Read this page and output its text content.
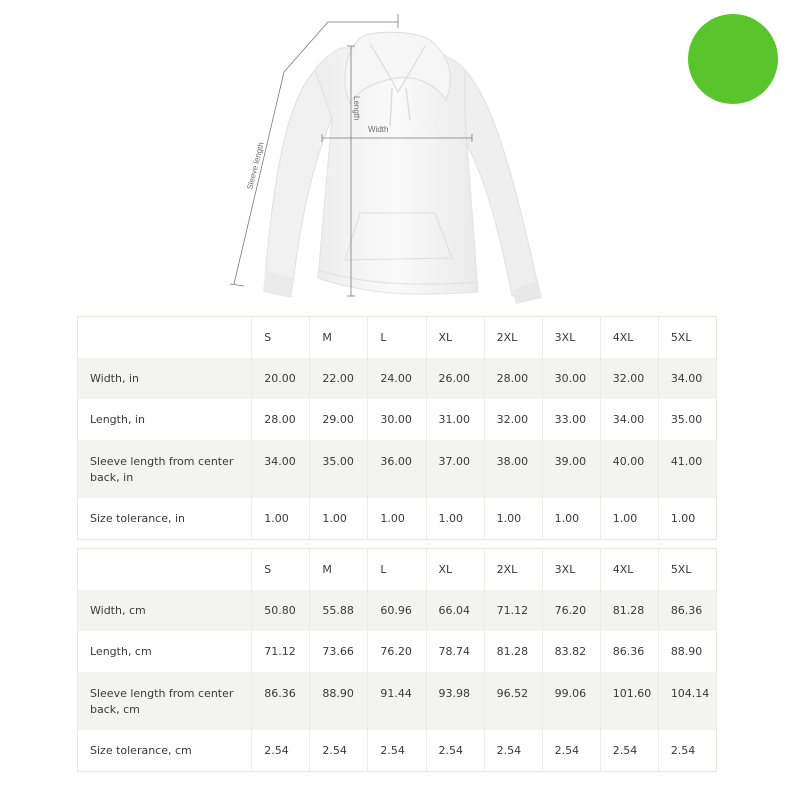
Width
Length
Sleeve length
	S	M	L	XL	2XL	3XL	4XL	5XL
Width, in	20.00	22.00	24.00	26.00	28.00	30.00	32.00	34.00
Length, in	28.00	29.00	30.00	31.00	32.00	33.00	34.00	35.00
Sleeve length from center back, in	34.00	35.00	36.00	37.00	38.00	39.00	40.00	41.00
Size tolerance, in	1.00	1.00	1.00	1.00	1.00	1.00	1.00	1.00
	S	M	L	XL	2XL	3XL	4XL	5XL
Width, cm	50.80	55.88	60.96	66.04	71.12	76.20	81.28	86.36
Length, cm	71.12	73.66	76.20	78.74	81.28	83.82	86.36	88.90
Sleeve length from center back, cm	86.36	88.90	91.44	93.98	96.52	99.06	101.60	104.14
Size tolerance, cm	2.54	2.54	2.54	2.54	2.54	2.54	2.54	2.54
